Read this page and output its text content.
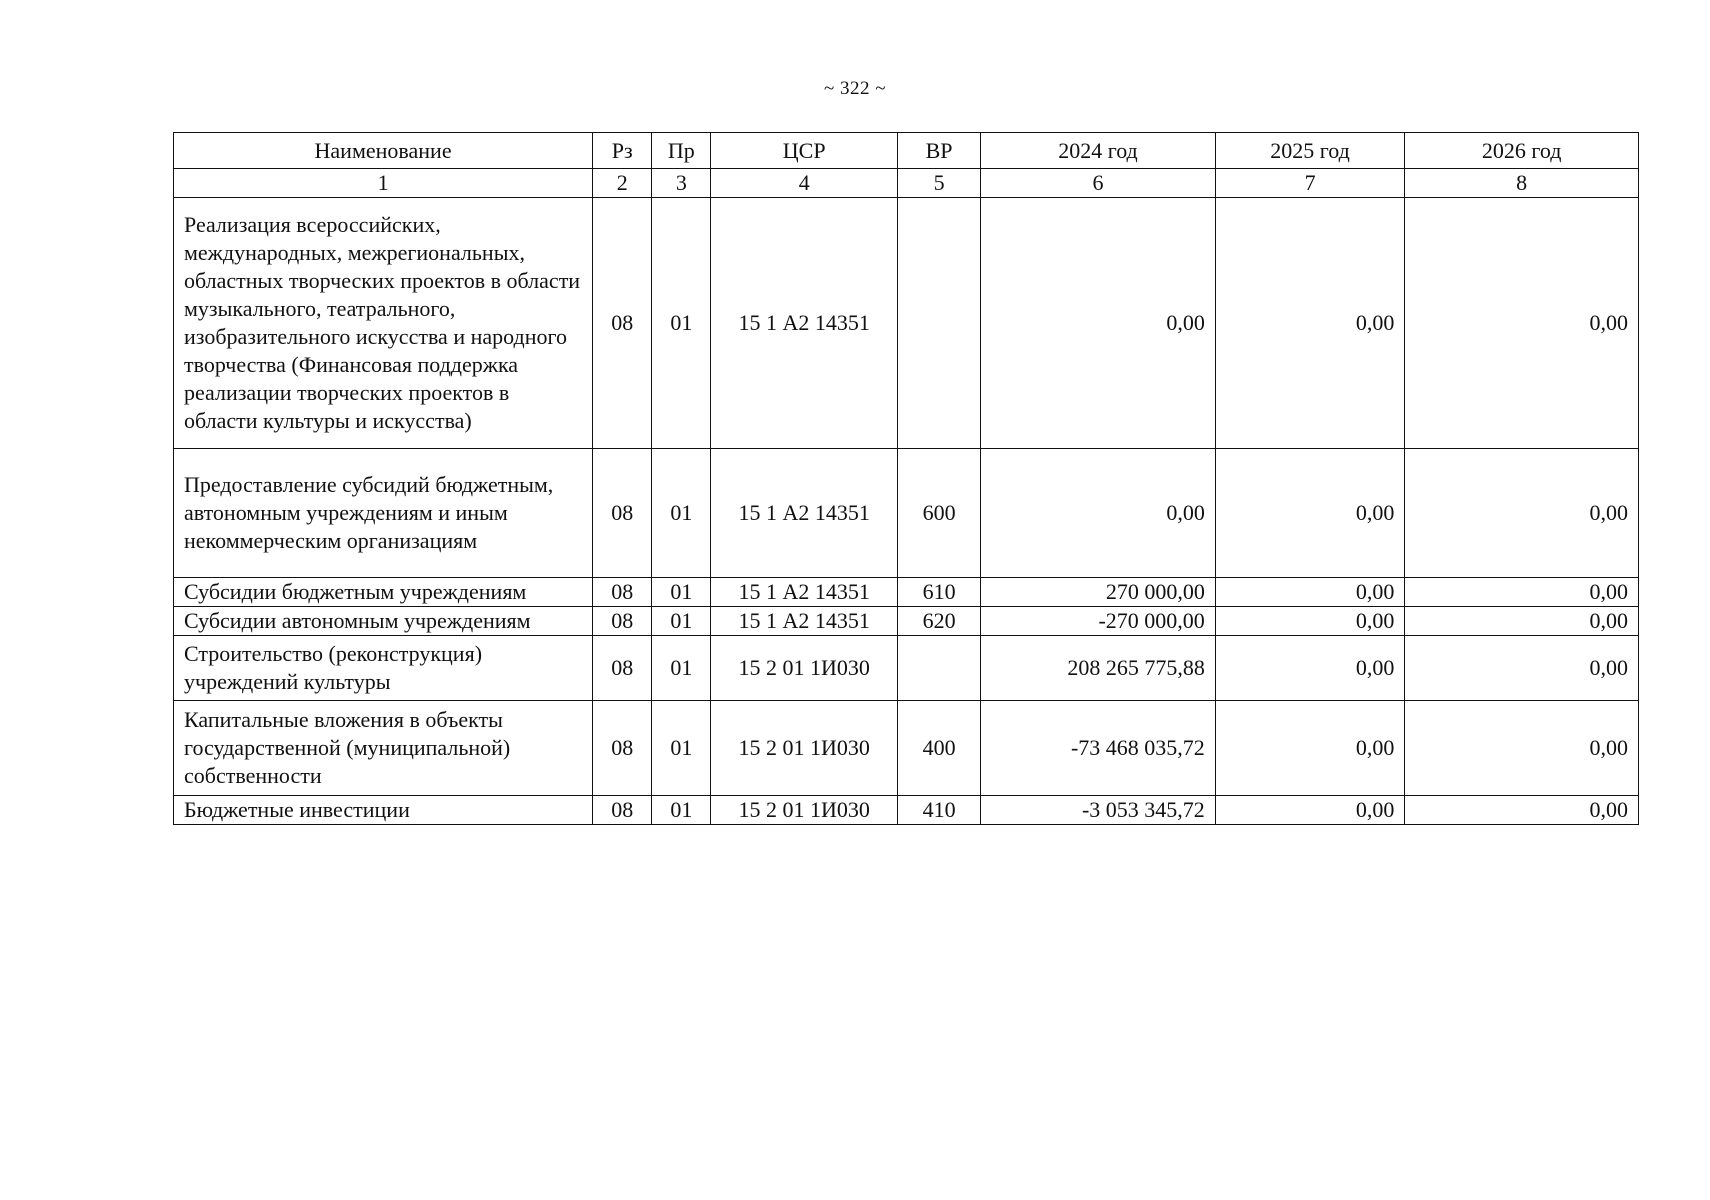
~ 322 ~
Наименование	Рз	Пр	ЦСР	ВР	2024 год	2025 год	2026 год
1	2	3	4	5	6	7	8
Реализация всероссийских, международных, межрегиональных, областных творческих проектов в области музыкального, театрального, изобразительного искусства и народного творчества (Финансовая поддержка реализации творческих проектов в области культуры и искусства)	08	01	15 1 А2 14351		0,00	0,00	0,00
Предоставление субсидий бюджетным, автономным учреждениям и иным некоммерческим организациям	08	01	15 1 А2 14351	600	0,00	0,00	0,00
Субсидии бюджетным учреждениям	08	01	15 1 А2 14351	610	270 000,00	0,00	0,00
Субсидии автономным учреждениям	08	01	15 1 А2 14351	620	-270 000,00	0,00	0,00
Строительство (реконструкция) учреждений культуры	08	01	15 2 01 1И030		208 265 775,88	0,00	0,00
Капитальные вложения в объекты государственной (муниципальной) собственности	08	01	15 2 01 1И030	400	-73 468 035,72	0,00	0,00
Бюджетные инвестиции	08	01	15 2 01 1И030	410	-3 053 345,72	0,00	0,00
